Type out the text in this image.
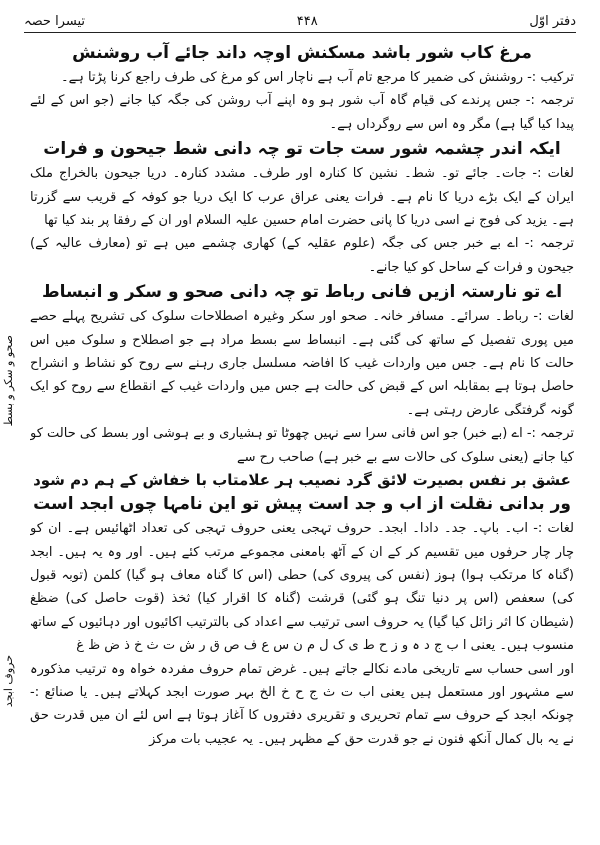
دفتر اوّل
۴۴۸
تیسرا حصہ
صحو و سکر و بسط
حروف ابجد

مرغ کاب شور باشد مسکنش اوچہ داند جائے آب روشنش

ترکیب :- روشنش کی ضمیر کا مرجع تام آب ہے ناچار اس کو مرغ کی طرف راجع کرنا پڑتا ہے۔

ترجمہ :- جس پرندے کی قیام گاہ آب شور ہو وہ اپنے آب روشن کی جگہ کیا جانے (جو اس کے لئے پیدا کیا گیا ہے) مگر وہ اس سے روگرداں ہے۔

ایکہ اندر چشمہ شور ست جات تو چہ دانی شط جیحون و فرات

لغات :- جات۔ جائے تو۔ شط۔ نشین کا کنارہ اور طرف۔ مشدد کنارہ۔ دریا جیحون بالخراج ملک ایران کے ایک بڑے دریا کا نام ہے۔ فرات یعنی عراق عرب کا ایک دریا جو کوفہ کے قریب سے گزرتا ہے۔ یزید کی فوج نے اسی دریا کا پانی حضرت امام حسین علیہ السلام اور ان کے رفقا پر بند کیا تھا

ترجمہ :- اے بے خبر جس کی جگہ (علوم عقلیہ کے) کھاری چشمے میں ہے تو (معارف عالیہ کے) جیحون و فرات کے ساحل کو کیا جانے۔

اے تو نارستہ ازیں فانی رباط تو چہ دانی صحو و سکر و انبساط

لغات :- رباط۔ سرائے۔ مسافر خانہ۔ صحو اور سکر وغیرہ اصطلاحات سلوک کی تشریح پہلے حصے میں پوری تفصیل کے ساتھ کی گئی ہے۔ انبساط سے بسط مراد ہے جو اصطلاح و سلوک میں اس حالت کا نام ہے۔ جس میں واردات غیب کا افاضہ مسلسل جاری رہنے سے روح کو نشاط و انشراح حاصل ہوتا ہے بمقابلہ اس کے قبض کی حالت ہے جس میں واردات غیب کے انقطاع سے روح کو ایک گونہ گرفتگی عارض رہتی ہے۔

ترجمہ :- اے (بے خبر) جو اس فانی سرا سے نہیں چھوٹا تو ہشیاری و بے ہوشی اور بسط کی حالت کو کیا جانے (یعنی سلوک کی حالات سے بے خبر ہے) صاحب رح سے

عشق بر نفس بصیرت لائق گرد نصیب ہر علامتاب با خفاش کے ہم دم شود

ور بدانی نقلت از اب و جد است پیش تو این نامہا چوں ابجد است

لغات :- اب۔ باپ۔ جد۔ دادا۔ ابجد۔ حروف تہجی یعنی حروف تہجی کی تعداد اٹھائیس ہے۔ ان کو چار چار حرفوں میں تقسیم کر کے ان کے آٹھ بامعنی مجموعے مرتب کئے ہیں۔ اور وہ یہ ہیں۔ ابجد (گناہ کا مرتکب ہوا) ہوز (نفس کی پیروی کی) حطی (اس کا گناہ معاف ہو گیا) کلمن (توبہ قبول کی) سعفص (اس پر دنیا تنگ ہو گئی) قرشت (گناہ کا اقرار کیا) ثخذ (قوت حاصل کی) ضظغ (شیطان کا اثر زائل کیا گیا) یہ حروف اسی ترتیب سے اعداد کی بالترتیب اکائیوں اور دہائیوں کے ساتھ منسوب ہیں۔ یعنی ا ب ج د ہ و ز ح ط ی ک ل م ن س ع ف ص ق ر ش ت ث خ ذ ض ظ غ

اور اسی حساب سے تاریخی مادے نکالے جاتے ہیں۔ غرض تمام حروف مفردہ خواہ وہ ترتیب مذکورہ سے مشہور اور مستعمل ہیں یعنی اب ت ث ج ح خ الخ بہر صورت ابجد کہلاتے ہیں۔ یا صنائع :- چونکہ ابجد کے حروف سے تمام تحریری و تقریری دفتروں کا آغاز ہوتا ہے اس لئے ان میں قدرت حق نے یہ بال کمال آنکھ فنون نے جو قدرت حق کے مظہر ہیں۔ یہ عجیب بات مرکز
